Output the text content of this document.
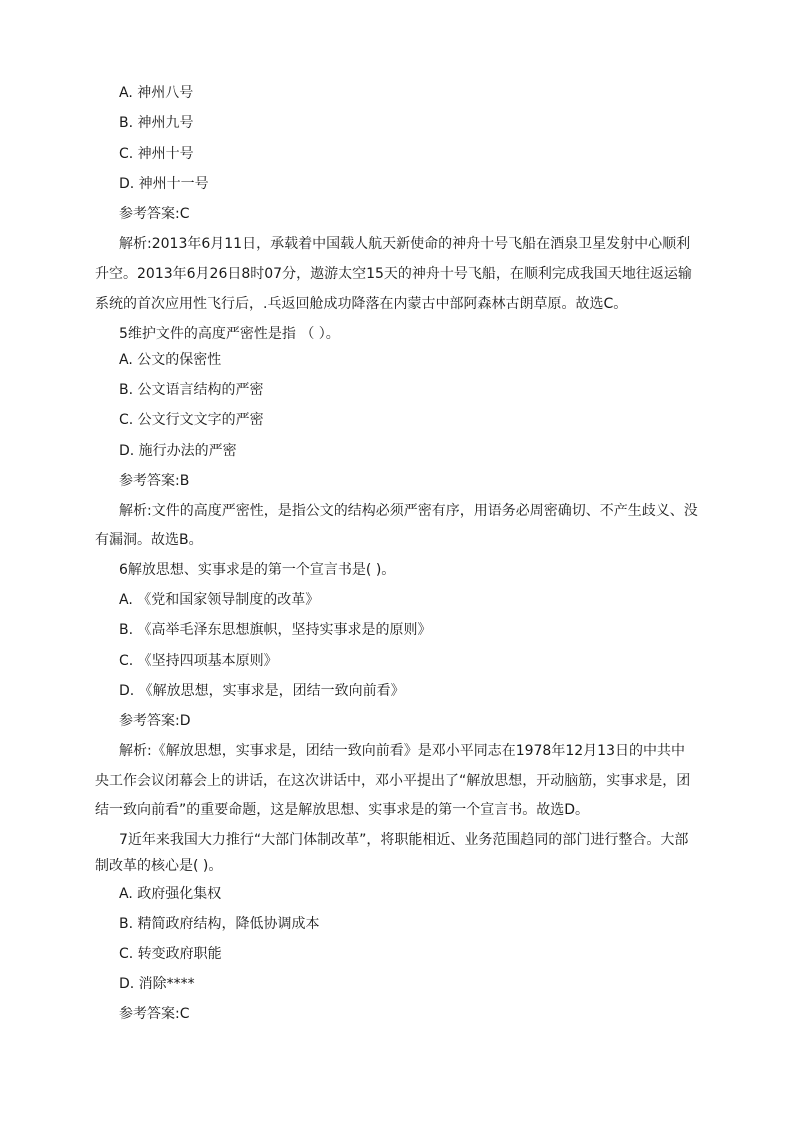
A. 神州八号
B. 神州九号
C. 神州十号
D. 神州十一号
参考答案:C
解析:2013年6月11日，承载着中国载人航天新使命的神舟十号飞船在酒泉卫星发射中心顺利
升空。2013年6月26日8时07分，遨游太空15天的神舟十号飞船，在顺利完成我国天地往返运输
系统的首次应用性飞行后，.乓返回舱成功降落在内蒙古中部阿森林古朗草原。故选C。
5维护文件的高度严密性是指 （ ）。
A. 公文的保密性
B. 公文语言结构的严密
C. 公文行文文字的严密
D. 施行办法的严密
参考答案:B
解析:文件的高度严密性，是指公文的结构必须严密有序，用语务必周密确切、不产生歧义、没
有漏洞。故选B。
6解放思想、实事求是的第一个宣言书是( )。
A. 《党和国家领导制度的改革》
B. 《高举毛泽东思想旗帜，坚持实事求是的原则》
C. 《坚持四项基本原则》
D. 《解放思想，实事求是，团结一致向前看》
参考答案:D
解析:《解放思想，实事求是，团结一致向前看》是邓小平同志在1978年12月13日的中共中
央工作会议闭幕会上的讲话，在这次讲话中，邓小平提出了“解放思想，开动脑筋，实事求是，团
结一致向前看”的重要命题，这是解放思想、实事求是的第一个宣言书。故选D。
7近年来我国大力推行“大部门体制改革”，将职能相近、业务范围趋同的部门进行整合。大部
制改革的核心是( )。
A. 政府强化集权
B. 精简政府结构，降低协调成本
C. 转变政府职能
D. 消除****
参考答案:C
